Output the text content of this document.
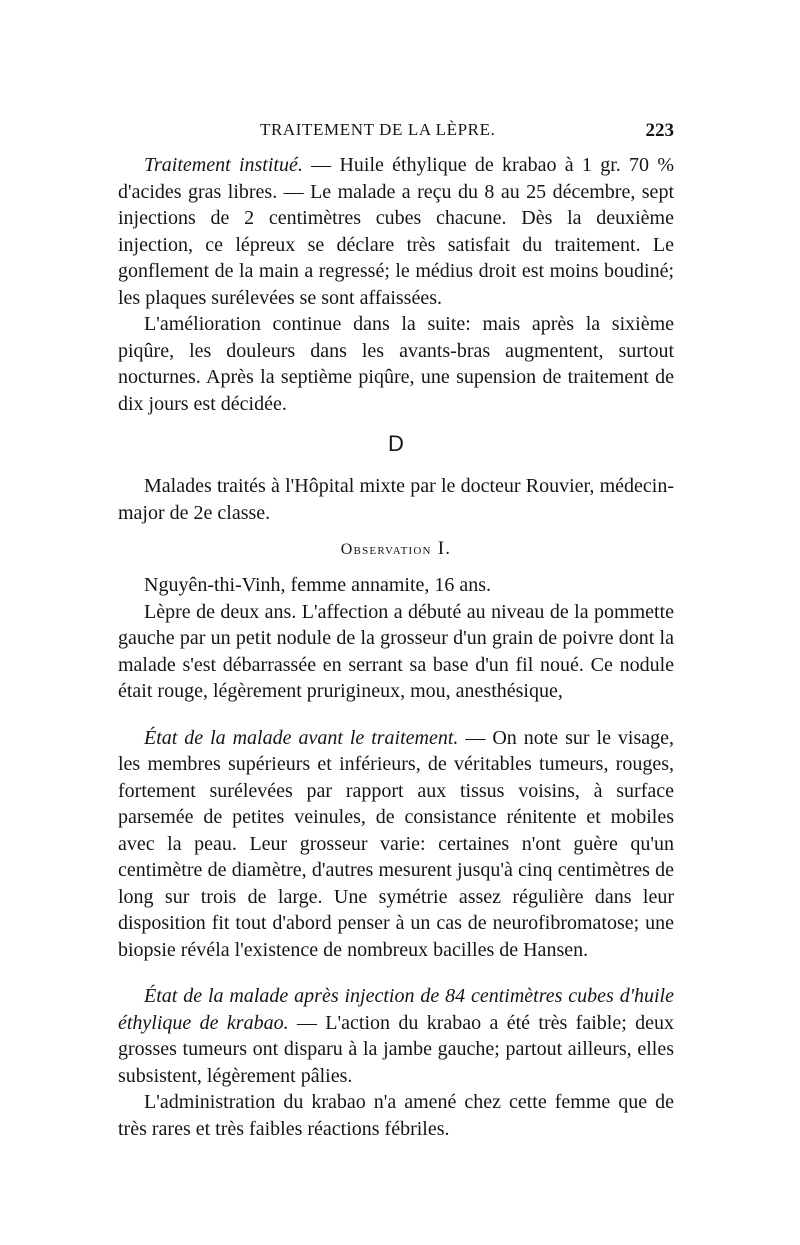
TRAITEMENT DE LA LÈPRE.	223

Traitement institué. — Huile éthylique de krabao à 1 gr. 70 % d'acides gras libres. — Le malade a reçu du 8 au 25 décembre, sept injections de 2 centimètres cubes chacune. Dès la deuxième injection, ce lépreux se déclare très satisfait du traitement. Le gonflement de la main a regressé; le médius droit est moins boudiné; les plaques surélevées se sont affaissées.

L'amélioration continue dans la suite: mais après la sixième piqûre, les douleurs dans les avants-bras augmentent, surtout nocturnes. Après la septième piqûre, une supension de traitement de dix jours est décidée.

D

Malades traités à l'Hôpital mixte par le docteur Rouvier, médecin-major de 2e classe.

Observation I.

Nguyên-thi-Vinh, femme annamite, 16 ans.

Lèpre de deux ans. L'affection a débuté au niveau de la pommette gauche par un petit nodule de la grosseur d'un grain de poivre dont la malade s'est débarrassée en serrant sa base d'un fil noué. Ce nodule était rouge, légèrement prurigineux, mou, anesthésique,

État de la malade avant le traitement. — On note sur le visage, les membres supérieurs et inférieurs, de véritables tumeurs, rouges, fortement surélevées par rapport aux tissus voisins, à surface parsemée de petites veinules, de consistance rénitente et mobiles avec la peau. Leur grosseur varie: certaines n'ont guère qu'un centimètre de diamètre, d'autres mesurent jusqu'à cinq centimètres de long sur trois de large. Une symétrie assez régulière dans leur disposition fit tout d'abord penser à un cas de neurofibromatose; une biopsie révéla l'existence de nombreux bacilles de Hansen.

État de la malade après injection de 84 centimètres cubes d'huile éthylique de krabao. — L'action du krabao a été très faible; deux grosses tumeurs ont disparu à la jambe gauche; partout ailleurs, elles subsistent, légèrement pâlies.

L'administration du krabao n'a amené chez cette femme que de très rares et très faibles réactions fébriles.
